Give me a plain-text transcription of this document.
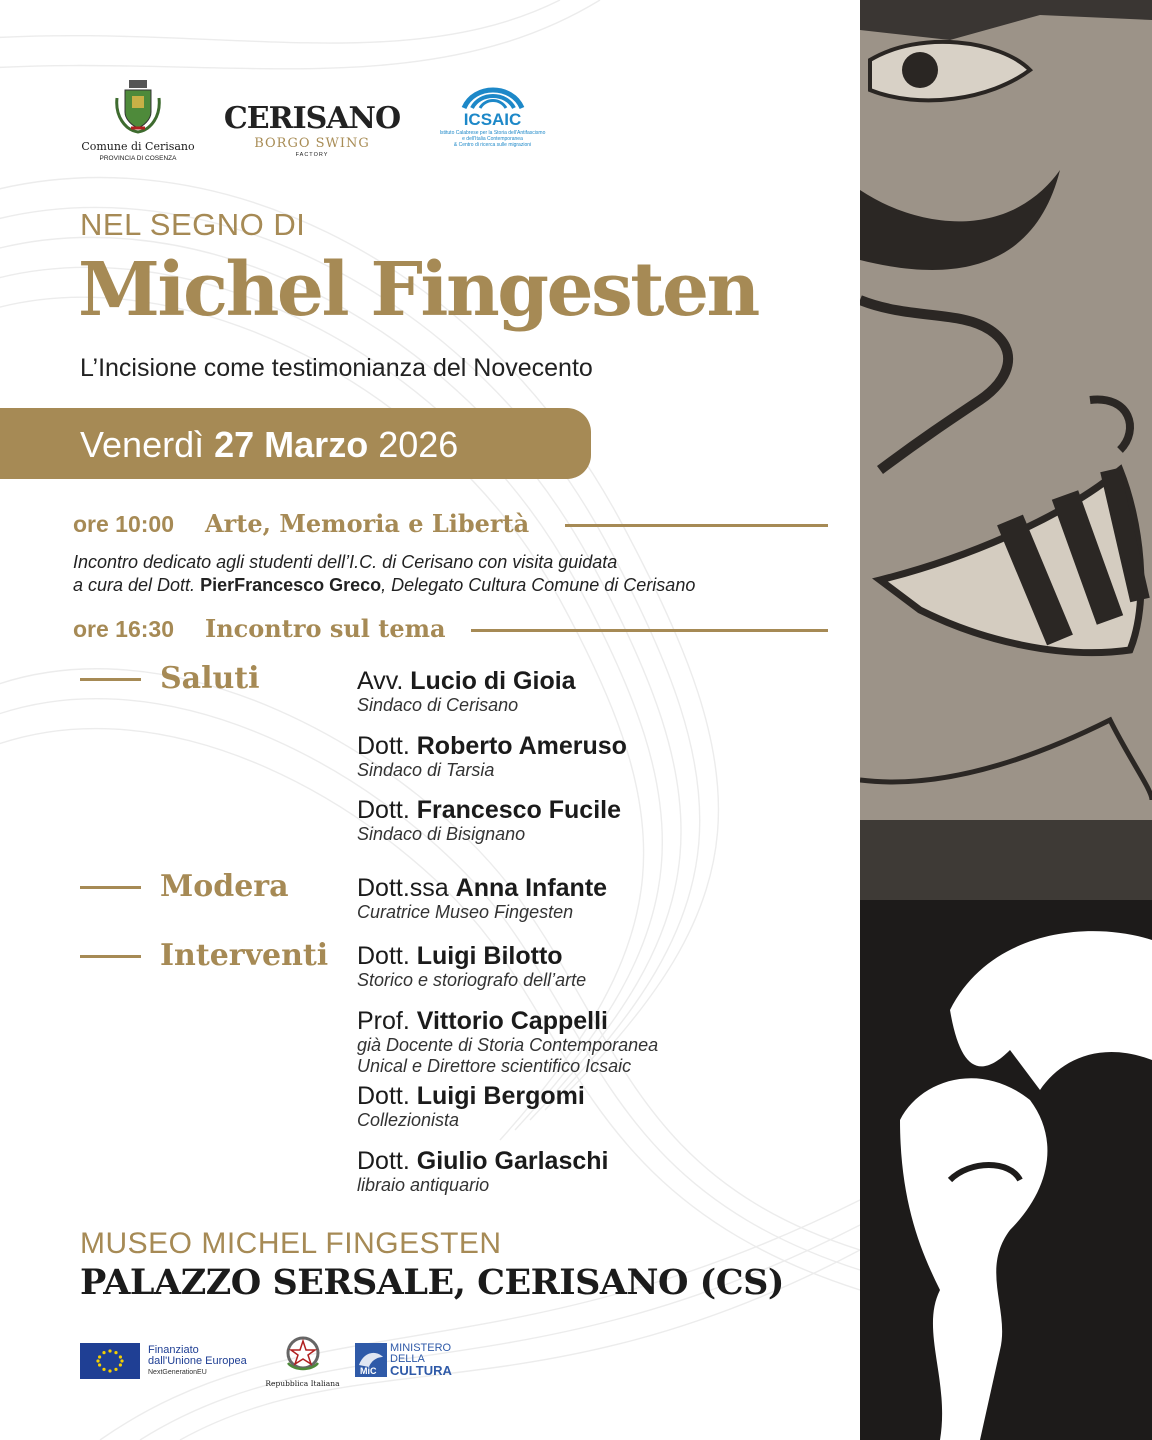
Comune di Cerisano
PROVINCIA DI COSENZA
CERISANO
BORGO SWING
FACTORY
ICSAIC
Istituto Calabrese per la Storia dell'Antifascismo
e dell'Italia Contemporanea
& Centro di ricerca sulle migrazioni
NEL SEGNO DI
Michel Fingesten
L’Incisione come testimonianza del Novecento
Venerdì 27 Marzo 2026
ore 10:00 Arte, Memoria e Libertà
Incontro dedicato agli studenti dell’I.C. di Cerisano con visita guidata
a cura del Dott. PierFrancesco Greco, Delegato Cultura Comune di Cerisano
ore 16:30 Incontro sul tema
Saluti
Modera
Interventi
Avv. Lucio di Gioia
Sindaco di Cerisano
Dott. Roberto Ameruso
Sindaco di Tarsia
Dott. Francesco Fucile
Sindaco di Bisignano
Dott.ssa Anna Infante
Curatrice Museo Fingesten
Dott. Luigi Bilotto
Storico e storiografo dell’arte
Prof. Vittorio Cappelli
già Docente di Storia Contemporanea
Unical e Direttore scientifico Icsaic
Dott. Luigi Bergomi
Collezionista
Dott. Giulio Garlaschi
libraio antiquario
MUSEO MICHEL FINGESTEN
PALAZZO SERSALE, CERISANO (CS)
Finanziato
dall'Unione Europea
NextGenerationEU
Repubblica Italiana
MiC
MINISTERO
DELLA
CULTURA
